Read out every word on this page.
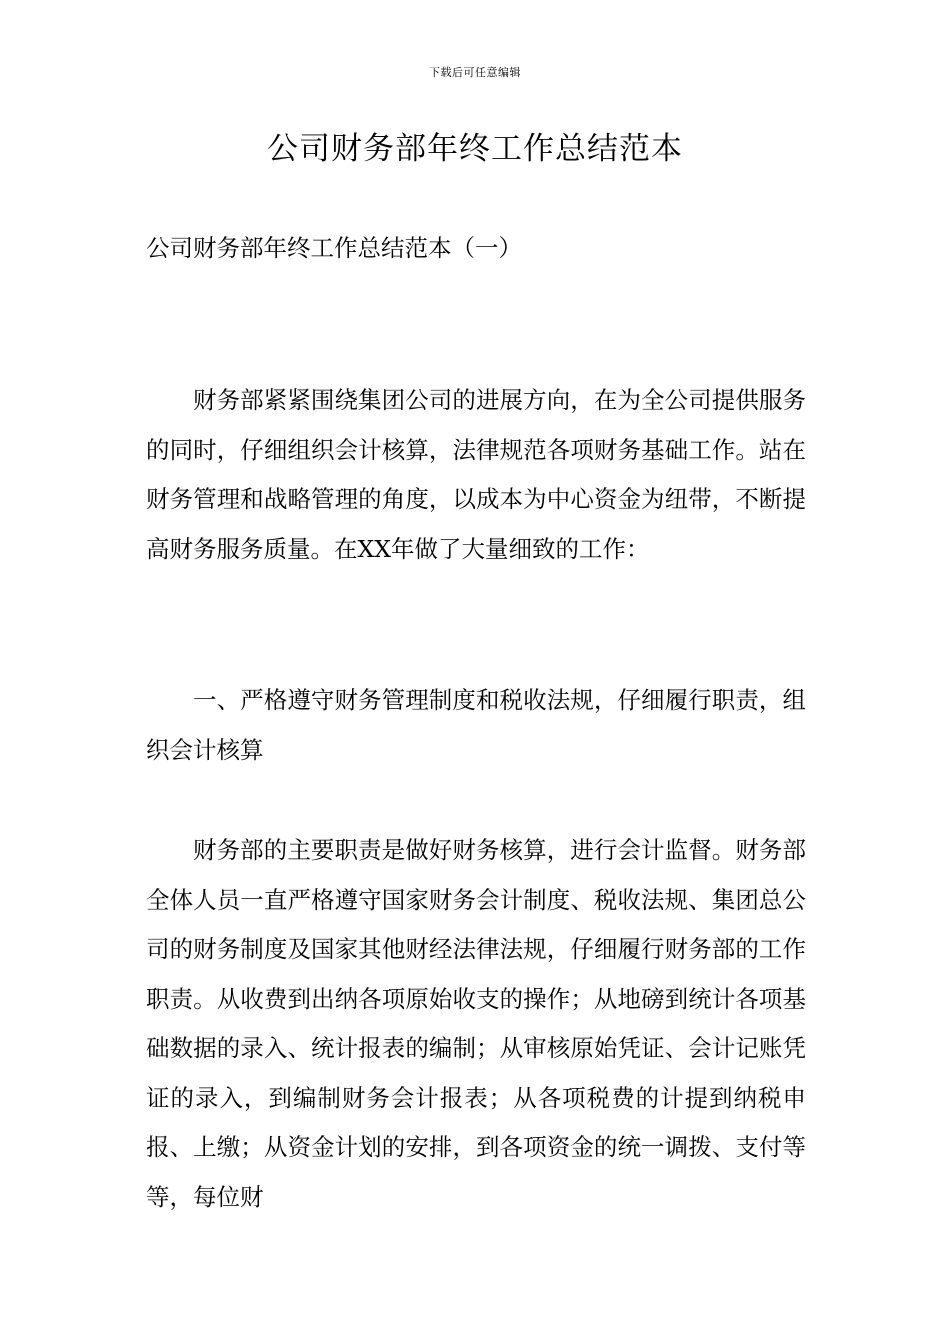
下载后可任意编辑
公司财务部年终工作总结范本

公司财务部年终工作总结范本（一）

财务部紧紧围绕集团公司的进展方向，在为全公司提供服务的同时，仔细组织会计核算，法律规范各项财务基础工作。站在财务管理和战略管理的角度，以成本为中心资金为纽带，不断提高财务服务质量。在XX年做了大量细致的工作：

一、严格遵守财务管理制度和税收法规，仔细履行职责，组织会计核算

财务部的主要职责是做好财务核算，进行会计监督。财务部全体人员一直严格遵守国家财务会计制度、税收法规、集团总公司的财务制度及国家其他财经法律法规，仔细履行财务部的工作职责。从收费到出纳各项原始收支的操作；从地磅到统计各项基础数据的录入、统计报表的编制；从审核原始凭证、会计记账凭证的录入，到编制财务会计报表；从各项税费的计提到纳税申报、上缴；从资金计划的安排，到各项资金的统一调拨、支付等等，每位财
